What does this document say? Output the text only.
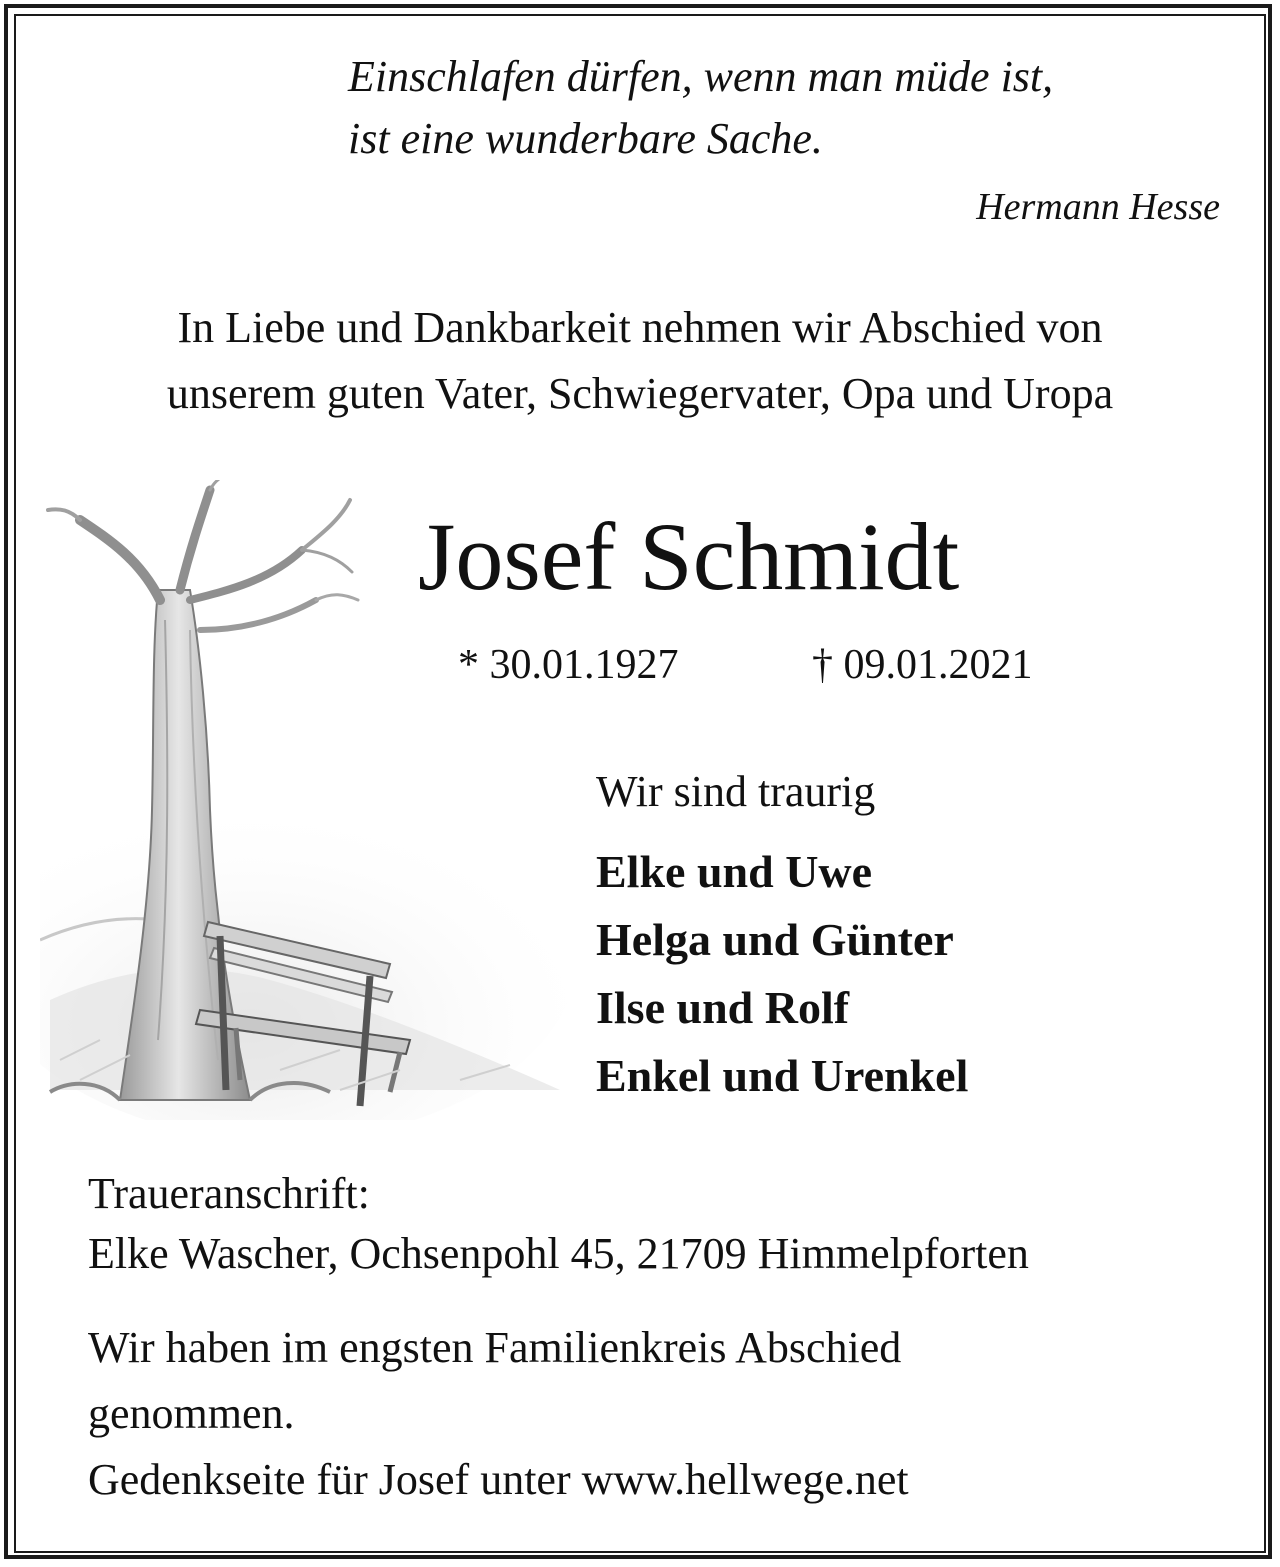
Einschlafen dürfen, wenn man müde ist,
ist eine wunderbare Sache.
Hermann Hesse
In Liebe und Dankbarkeit nehmen wir Abschied von
unserem guten Vater, Schwiegervater, Opa und Uropa
Josef Schmidt
* 30.01.1927	† 09.01.2021
Wir sind traurig
Elke und Uwe
Helga und Günter
Ilse und Rolf
Enkel und Urenkel
Traueranschrift:
Elke Wascher, Ochsenpohl 45, 21709 Himmelpforten
Wir haben im engsten Familienkreis Abschied
genommen.
Gedenkseite für Josef unter www.hellwege.net
